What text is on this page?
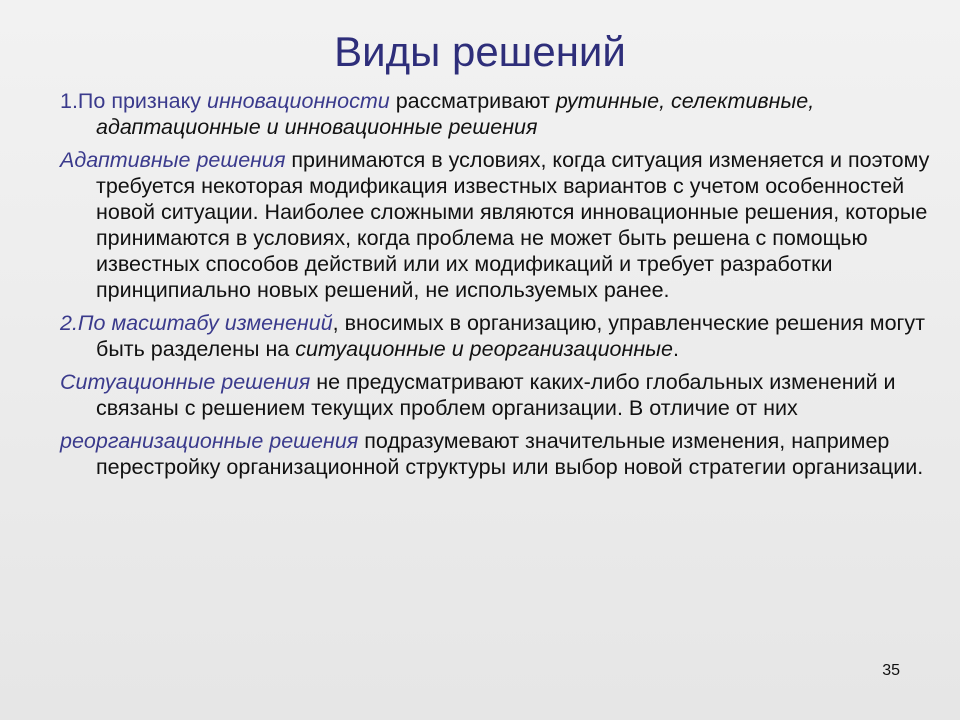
Виды решений

1.По признаку инновационности рассматривают рутинные, селективные, адаптационные и инновационные решения

Адаптивные решения принимаются в условиях, когда ситуация изменяется и поэтому требуется некоторая модификация известных вариантов с учетом особенностей новой ситуации. Наиболее сложными являются инновационные решения, которые принимаются в условиях, когда проблема не может быть решена с помощью известных способов действий или их модификаций и требует разработки принципиально новых решений, не используемых ранее.

2.По масштабу изменений, вносимых в организацию, управленческие решения могут быть разделены на ситуационные и реорганизационные.

Ситуационные решения не предусматривают каких-либо глобальных изменений и связаны с решением текущих проблем организации. В отличие от них

реорганизационные решения подразумевают значительные изменения, например перестройку организационной структуры или выбор новой стратегии организации.

35
